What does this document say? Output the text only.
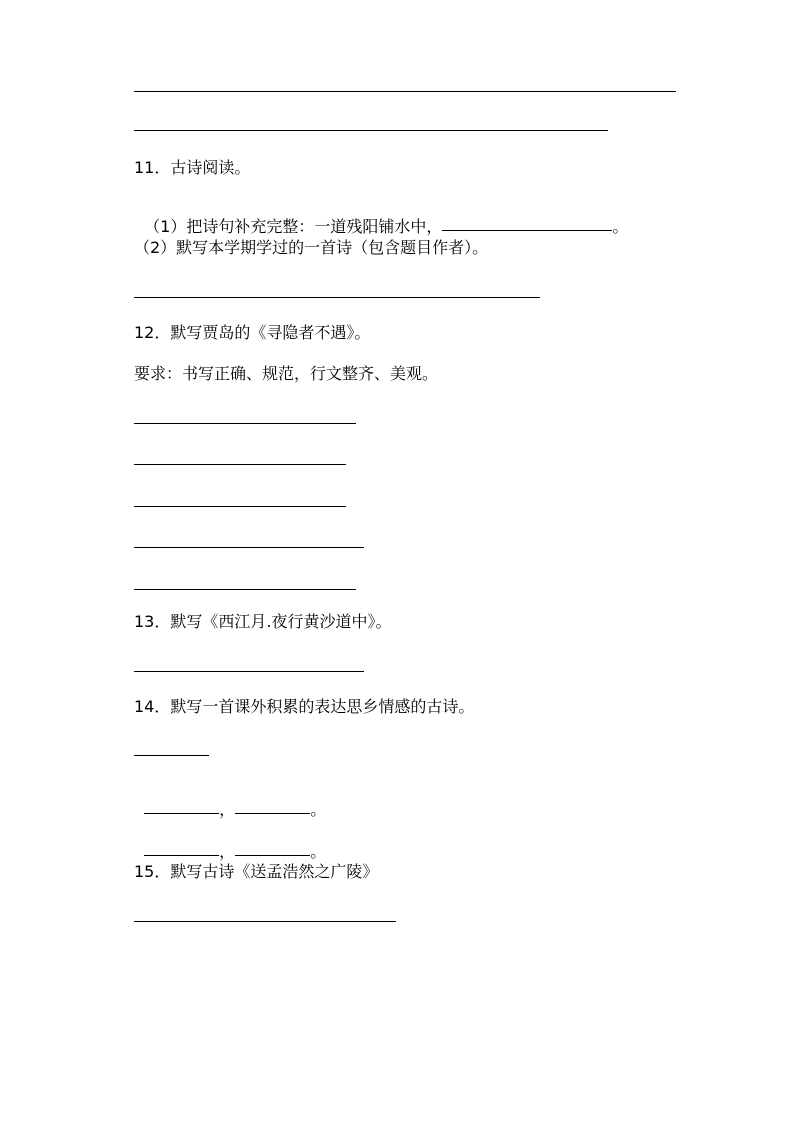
11．古诗阅读。

（1）把诗句补充完整：一道残阳铺水中，	。

（2）默写本学期学过的一首诗（包含题目作者）。
12．默写贾岛的《寻隐者不遇》。
要求：书写正确、规范，行文整齐、美观。
13．默写《西江月.夜行黄沙道中》。
14．默写一首课外积累的表达思乡情感的古诗。

，	。

，	。

15．默写古诗《送孟浩然之广陵》
